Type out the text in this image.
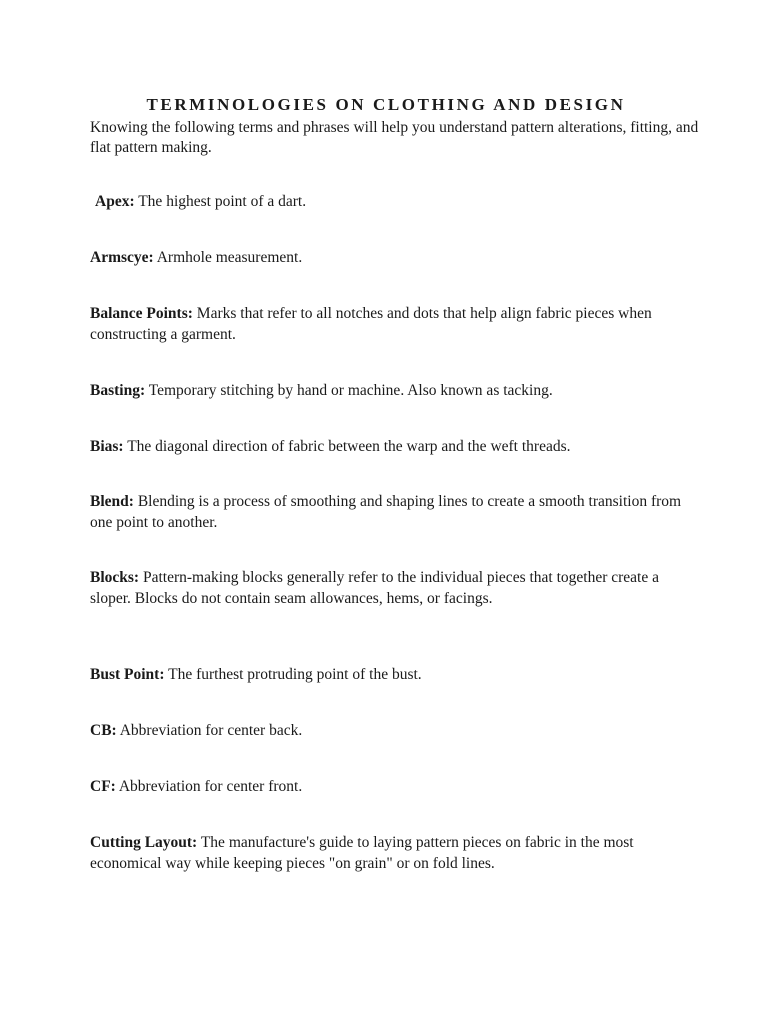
TERMINOLOGIES ON CLOTHING AND DESIGN
Knowing the following terms and phrases will help you understand pattern alterations, fitting, and flat pattern making.
Apex: The highest point of a dart.
Armscye: Armhole measurement.
Balance Points: Marks that refer to all notches and dots that help align fabric pieces when constructing a garment.
Basting: Temporary stitching by hand or machine. Also known as tacking.
Bias: The diagonal direction of fabric between the warp and the weft threads.
Blend: Blending is a process of smoothing and shaping lines to create a smooth transition from one point to another.
Blocks: Pattern-making blocks generally refer to the individual pieces that together create a sloper. Blocks do not contain seam allowances, hems, or facings.
Bust Point: The furthest protruding point of the bust.
CB: Abbreviation for center back.
CF: Abbreviation for center front.
Cutting Layout: The manufacture's guide to laying pattern pieces on fabric in the most economical way while keeping pieces "on grain" or on fold lines.
